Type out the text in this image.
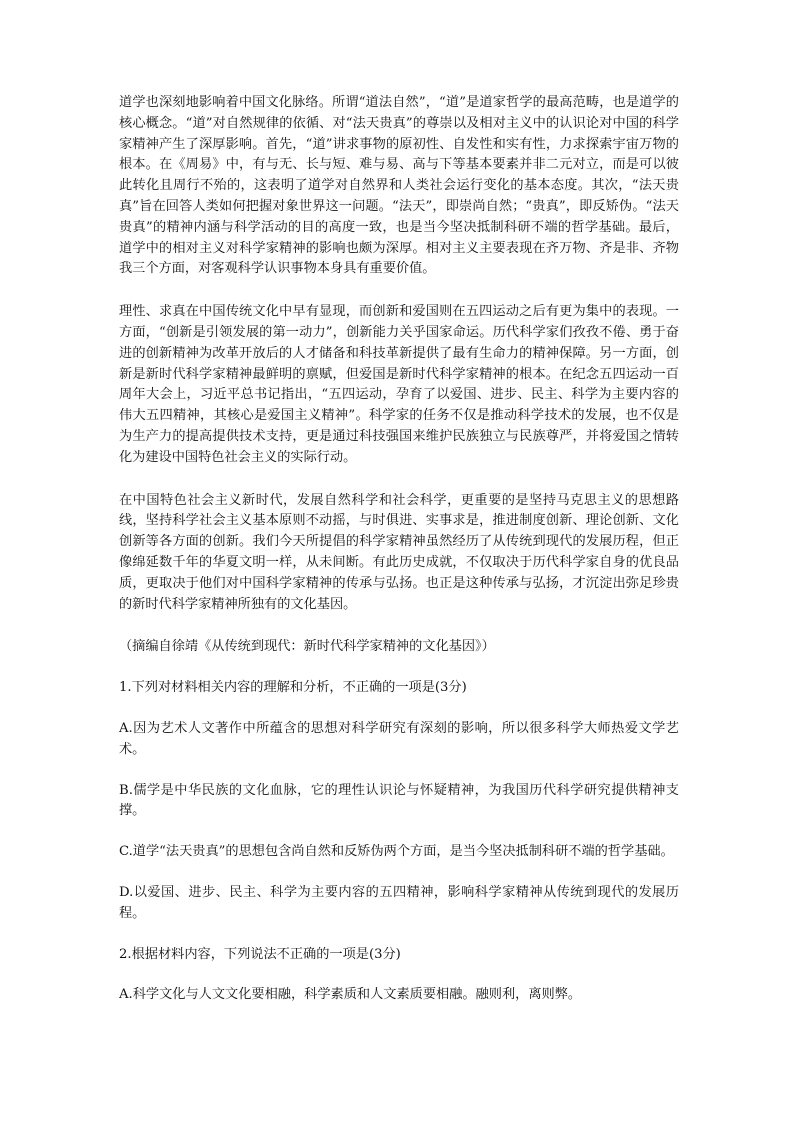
道学也深刻地影响着中国文化脉络。所谓“道法自然”，“道”是道家哲学的最高范畴，也是道学的核心概念。“道”对自然规律的依循、对“法天贵真”的尊崇以及相对主义中的认识论对中国的科学家精神产生了深厚影响。首先，“道”讲求事物的原初性、自发性和实有性，力求探索宇宙万物的根本。在《周易》中，有与无、长与短、难与易、高与下等基本要素并非二元对立，而是可以彼此转化且周行不殆的，这表明了道学对自然界和人类社会运行变化的基本态度。其次，“法天贵真”旨在回答人类如何把握对象世界这一问题。“法天”，即崇尚自然；“贵真”，即反矫伪。“法天贵真”的精神内涵与科学活动的目的高度一致，也是当今坚决抵制科研不端的哲学基础。最后，道学中的相对主义对科学家精神的影响也颇为深厚。相对主义主要表现在齐万物、齐是非、齐物我三个方面，对客观科学认识事物本身具有重要价值。

理性、求真在中国传统文化中早有显现，而创新和爱国则在五四运动之后有更为集中的表现。一方面，“创新是引领发展的第一动力”，创新能力关乎国家命运。历代科学家们孜孜不倦、勇于奋进的创新精神为改革开放后的人才储备和科技革新提供了最有生命力的精神保障。另一方面，创新是新时代科学家精神最鲜明的禀赋，但爱国是新时代科学家精神的根本。在纪念五四运动一百周年大会上，习近平总书记指出，“五四运动，孕育了以爱国、进步、民主、科学为主要内容的伟大五四精神，其核心是爱国主义精神”。科学家的任务不仅是推动科学技术的发展，也不仅是为生产力的提高提供技术支持，更是通过科技强国来维护民族独立与民族尊严，并将爱国之情转化为建设中国特色社会主义的实际行动。

在中国特色社会主义新时代，发展自然科学和社会科学，更重要的是坚持马克思主义的思想路线，坚持科学社会主义基本原则不动摇，与时俱进、实事求是，推进制度创新、理论创新、文化创新等各方面的创新。我们今天所提倡的科学家精神虽然经历了从传统到现代的发展历程，但正像绵延数千年的华夏文明一样，从未间断。有此历史成就，不仅取决于历代科学家自身的优良品质，更取决于他们对中国科学家精神的传承与弘扬。也正是这种传承与弘扬，才沉淀出弥足珍贵的新时代科学家精神所独有的文化基因。

（摘编自徐靖《从传统到现代：新时代科学家精神的文化基因》）

1.下列对材料相关内容的理解和分析，不正确的一项是(3分)

A.因为艺术人文著作中所蕴含的思想对科学研究有深刻的影响，所以很多科学大师热爱文学艺术。

B.儒学是中华民族的文化血脉，它的理性认识论与怀疑精神，为我国历代科学研究提供精神支撑。

C.道学“法天贵真”的思想包含尚自然和反矫伪两个方面，是当今坚决抵制科研不端的哲学基础。

D.以爱国、进步、民主、科学为主要内容的五四精神，影响科学家精神从传统到现代的发展历程。

2.根据材料内容，下列说法不正确的一项是(3分)

A.科学文化与人文文化要相融，科学素质和人文素质要相融。融则利，离则弊。
